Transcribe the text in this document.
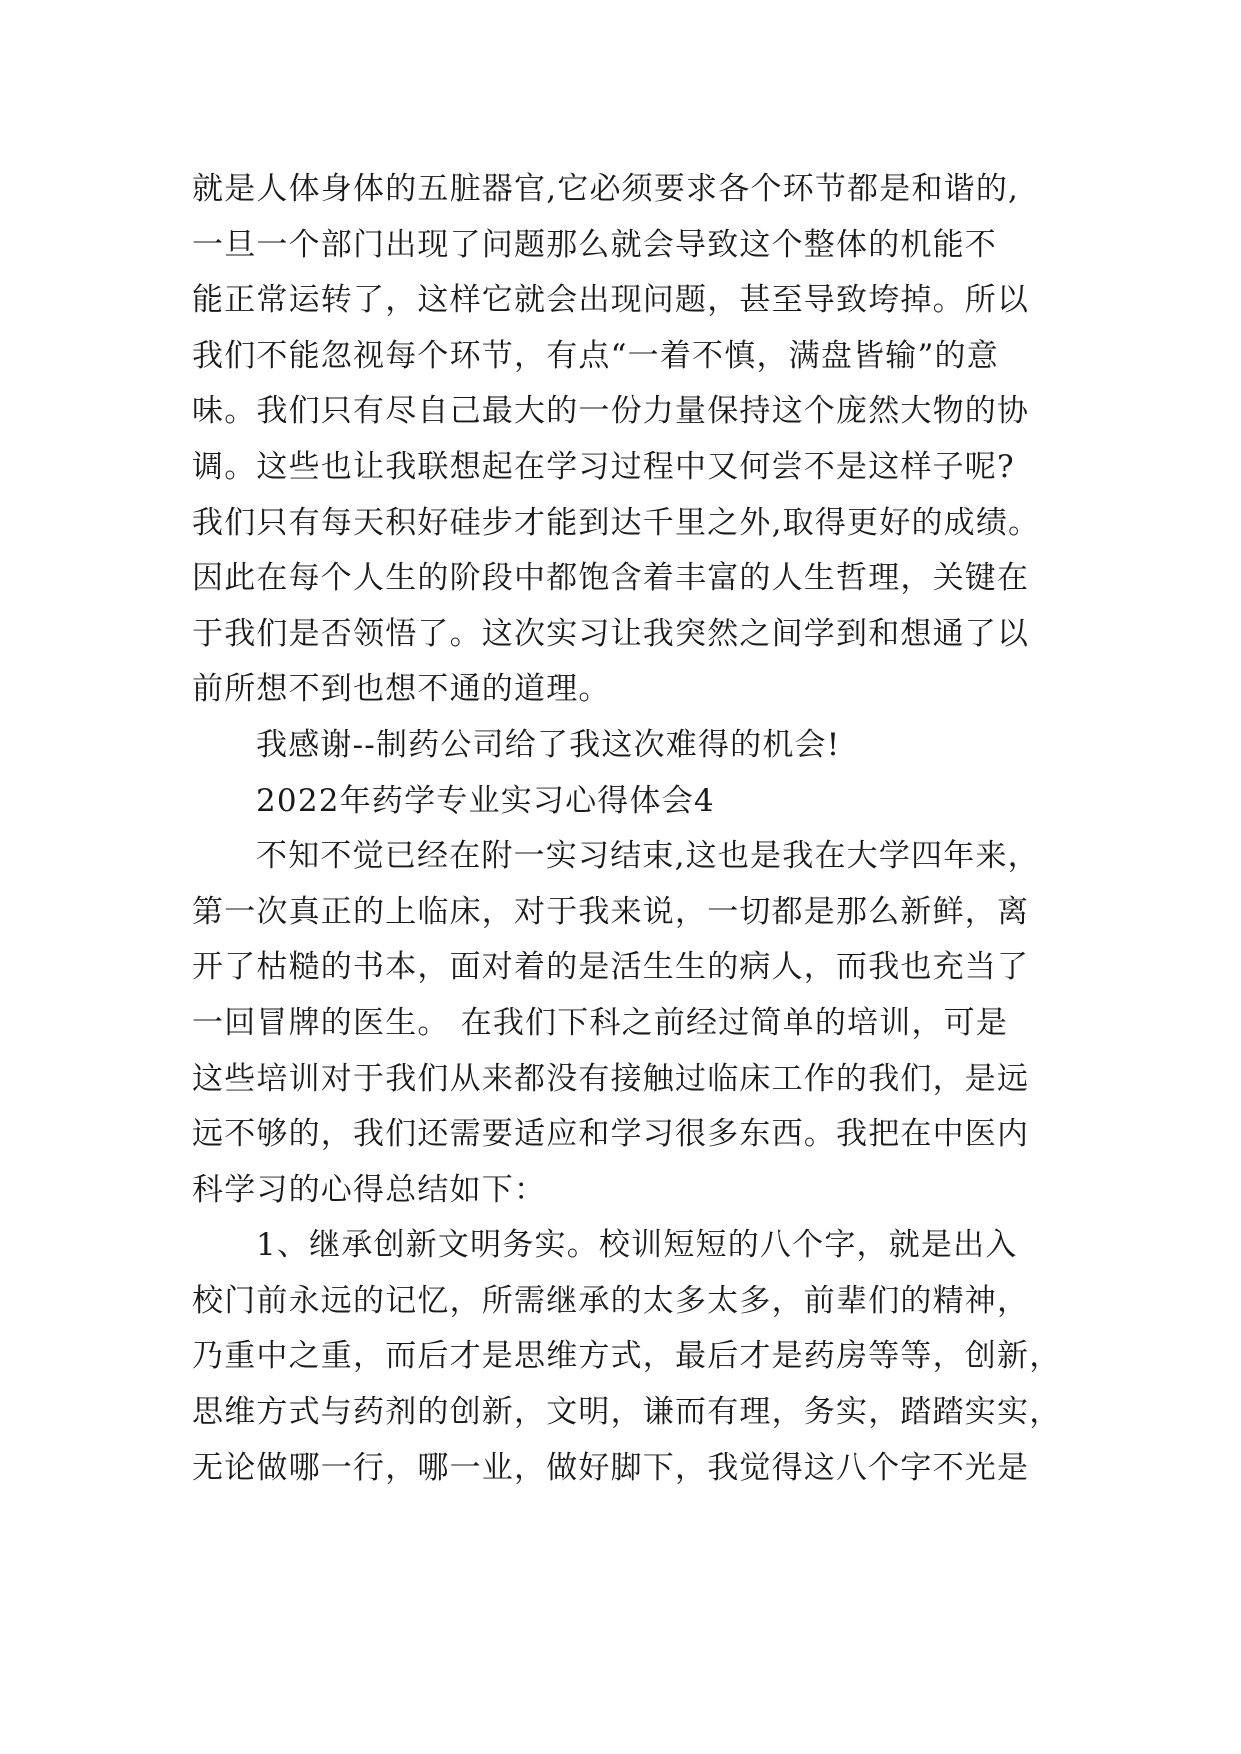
就是人体身体的五脏器官,它必须要求各个环节都是和谐的,
一旦一个部门出现了问题那么就会导致这个整体的机能不
能正常运转了，这样它就会出现问题，甚至导致垮掉。所以
我们不能忽视每个环节，有点“一着不慎，满盘皆输”的意
味。我们只有尽自己最大的一份力量保持这个庞然大物的协
调。这些也让我联想起在学习过程中又何尝不是这样子呢?
我们只有每天积好硅步才能到达千里之外,取得更好的成绩。
因此在每个人生的阶段中都饱含着丰富的人生哲理，关键在
于我们是否领悟了。这次实习让我突然之间学到和想通了以
前所想不到也想不通的道理。
我感谢--制药公司给了我这次难得的机会!
2022年药学专业实习心得体会4
不知不觉已经在附一实习结束,这也是我在大学四年来，
第一次真正的上临床，对于我来说，一切都是那么新鲜，离
开了枯糙的书本，面对着的是活生生的病人，而我也充当了
一回冒牌的医生。 在我们下科之前经过简单的培训，可是
这些培训对于我们从来都没有接触过临床工作的我们，是远
远不够的，我们还需要适应和学习很多东西。我把在中医内
科学习的心得总结如下：
1、继承创新文明务实。校训短短的八个字，就是出入
校门前永远的记忆，所需继承的太多太多，前辈们的精神，
乃重中之重，而后才是思维方式，最后才是药房等等，创新，
思维方式与药剂的创新，文明，谦而有理，务实，踏踏实实，
无论做哪一行，哪一业，做好脚下，我觉得这八个字不光是
